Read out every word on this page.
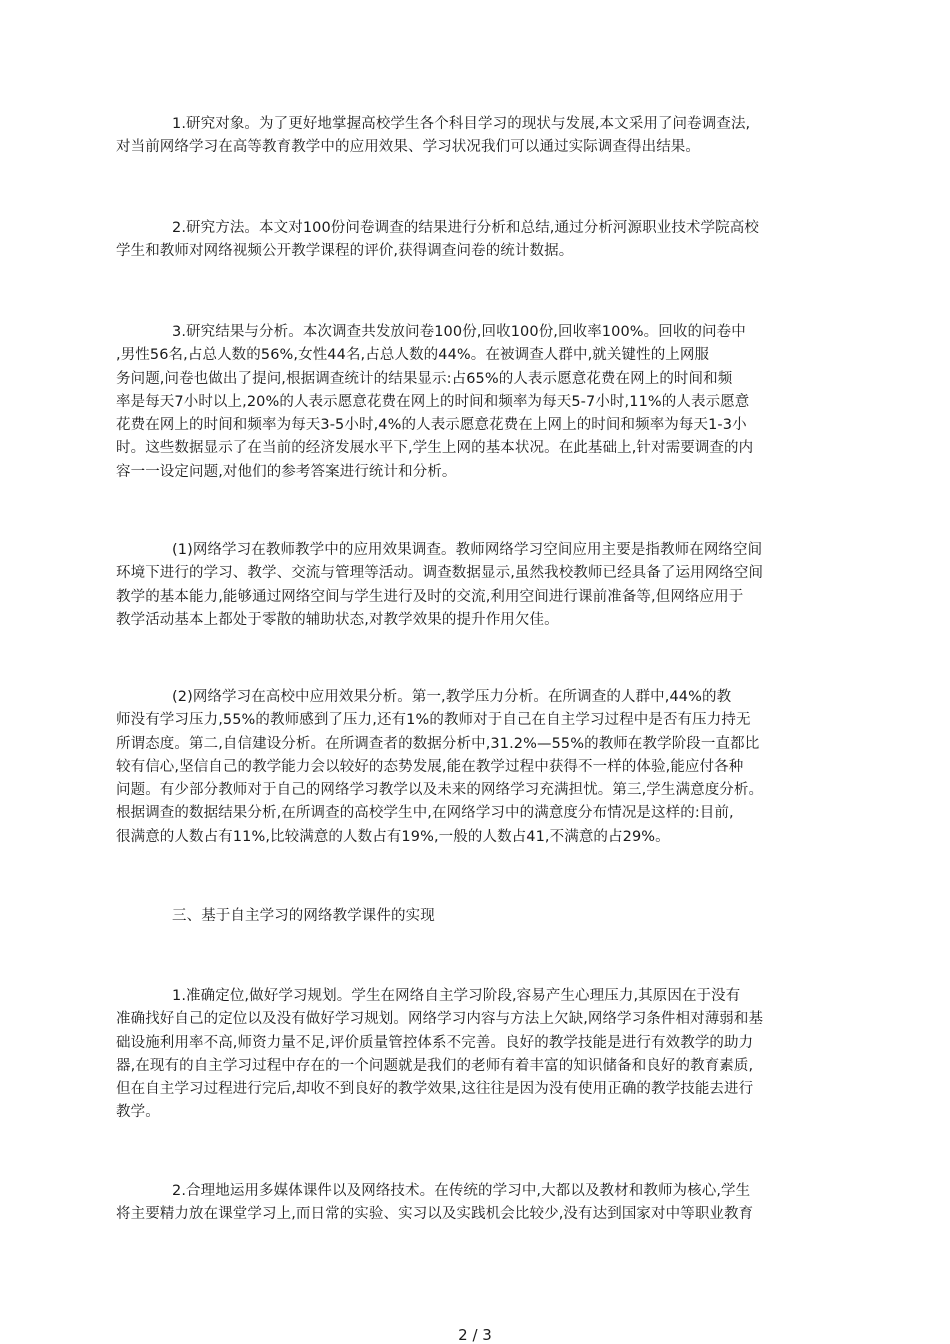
1.研究对象。为了更好地掌握高校学生各个科目学习的现状与发展,本文采用了问卷调查法,
对当前网络学习在高等教育教学中的应用效果、学习状况我们可以通过实际调查得出结果。
2.研究方法。本文对100份问卷调查的结果进行分析和总结,通过分析河源职业技术学院高校
学生和教师对网络视频公开教学课程的评价,获得调查问卷的统计数据。
3.研究结果与分析。本次调查共发放问卷100份,回收100份,回收率100%。回收的问卷中
,男性56名,占总人数的56%,女性44名,占总人数的44%。在被调查人群中,就关键性的上网服
务问题,问卷也做出了提问,根据调查统计的结果显示:占65%的人表示愿意花费在网上的时间和频
率是每天7小时以上,20%的人表示愿意花费在网上的时间和频率为每天5-7小时,11%的人表示愿意
花费在网上的时间和频率为每天3-5小时,4%的人表示愿意花费在上网上的时间和频率为每天1-3小
时。这些数据显示了在当前的经济发展水平下,学生上网的基本状况。在此基础上,针对需要调查的内
容一一设定问题,对他们的参考答案进行统计和分析。
(1)网络学习在教师教学中的应用效果调查。教师网络学习空间应用主要是指教师在网络空间
环境下进行的学习、教学、交流与管理等活动。调查数据显示,虽然我校教师已经具备了运用网络空间
教学的基本能力,能够通过网络空间与学生进行及时的交流,利用空间进行课前准备等,但网络应用于
教学活动基本上都处于零散的辅助状态,对教学效果的提升作用欠佳。
(2)网络学习在高校中应用效果分析。第一,教学压力分析。在所调查的人群中,44%的教
师没有学习压力,55%的教师感到了压力,还有1%的教师对于自己在自主学习过程中是否有压力持无
所谓态度。第二,自信建设分析。在所调查者的数据分析中,31.2%—55%的教师在教学阶段一直都比
较有信心,坚信自己的教学能力会以较好的态势发展,能在教学过程中获得不一样的体验,能应付各种
问题。有少部分教师对于自己的网络学习教学以及未来的网络学习充满担忧。第三,学生满意度分析。
根据调查的数据结果分析,在所调查的高校学生中,在网络学习中的满意度分布情况是这样的:目前,
很满意的人数占有11%,比较满意的人数占有19%,一般的人数占41,不满意的占29%。
三、基于自主学习的网络教学课件的实现
1.准确定位,做好学习规划。学生在网络自主学习阶段,容易产生心理压力,其原因在于没有
准确找好自己的定位以及没有做好学习规划。网络学习内容与方法上欠缺,网络学习条件相对薄弱和基
础设施利用率不高,师资力量不足,评价质量管控体系不完善。良好的教学技能是进行有效教学的助力
器,在现有的自主学习过程中存在的一个问题就是我们的老师有着丰富的知识储备和良好的教育素质,
但在自主学习过程进行完后,却收不到良好的教学效果,这往往是因为没有使用正确的教学技能去进行
教学。
2.合理地运用多媒体课件以及网络技术。在传统的学习中,大都以及教材和教师为核心,学生
将主要精力放在课堂学习上,而日常的实验、实习以及实践机会比较少,没有达到国家对中等职业教育
2 / 3
